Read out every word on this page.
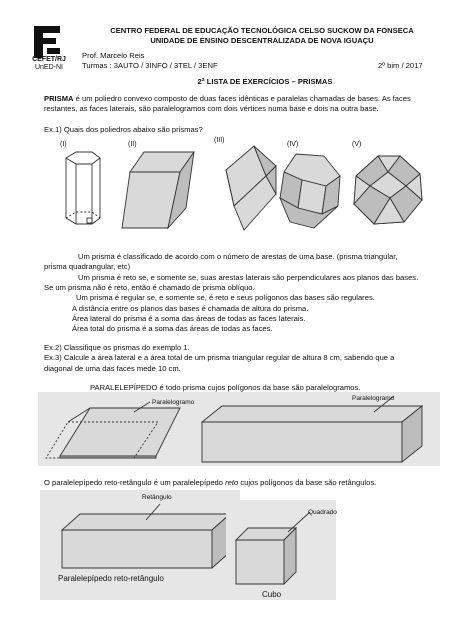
CEFET/RJ
UnED-NI
CENTRO FEDERAL DE EDUCAÇÃO TECNOLÓGICA CELSO SUCKOW DA FONSECA
UNIDADE DE ENSINO DESCENTRALIZADA DE NOVA IGUAÇU
Prof. Marcelo Reis
Turmas : 3AUTO / 3INFO / 3TEL / 3ENF	2º bim / 2017
2ª LISTA DE EXERCÍCIOS – PRISMAS
PRISMA é um poliedro convexo composto de duas faces idênticas e paralelas chamadas de bases. As faces
restantes, as faces laterais, são paralelogramos com dois vértices numa base e dois na outra base.
Ex.1) Quais dos poliedros abaixo são prismas?
(I)	(II)
(III)
(IV)	(V)
Um prisma é classificado de acordo com o número de arestas de uma base. (prisma triangular,
prisma quadrangular, etc)
Um prisma é reto se, e somente se, suas arestas laterais são perpendiculares aos planos das bases.
Se um prisma não é reto, então é chamado de prisma oblíquo.
Um prisma é regular se, e somente se, é reto e seus polígonos das bases são regulares.
A distância entre os planos das bases é chamada de altura do prisma.
Área lateral do prisma é a soma das áreas de todas as faces laterais.
Área total do prisma é a soma das áreas de todas as faces.
Ex.2) Classifique os prismas do exemplo 1.
Ex.3) Calcule a área lateral e a área total de um prisma triangular regular de altura 8 cm, sabendo que a
diagonal de uma das faces mede 10 cm.
PARALELEPÍPEDO é todo prisma cujos polígonos da base são paralelogramos.
Paralelogramo
Paralelogramo
O paralelepípedo reto-retângulo é um paralelepípedo reto cujos polígonos da base são retângulos.
Retângulo
Paralelepípedo reto-retângulo
Quadrado
Cubo
